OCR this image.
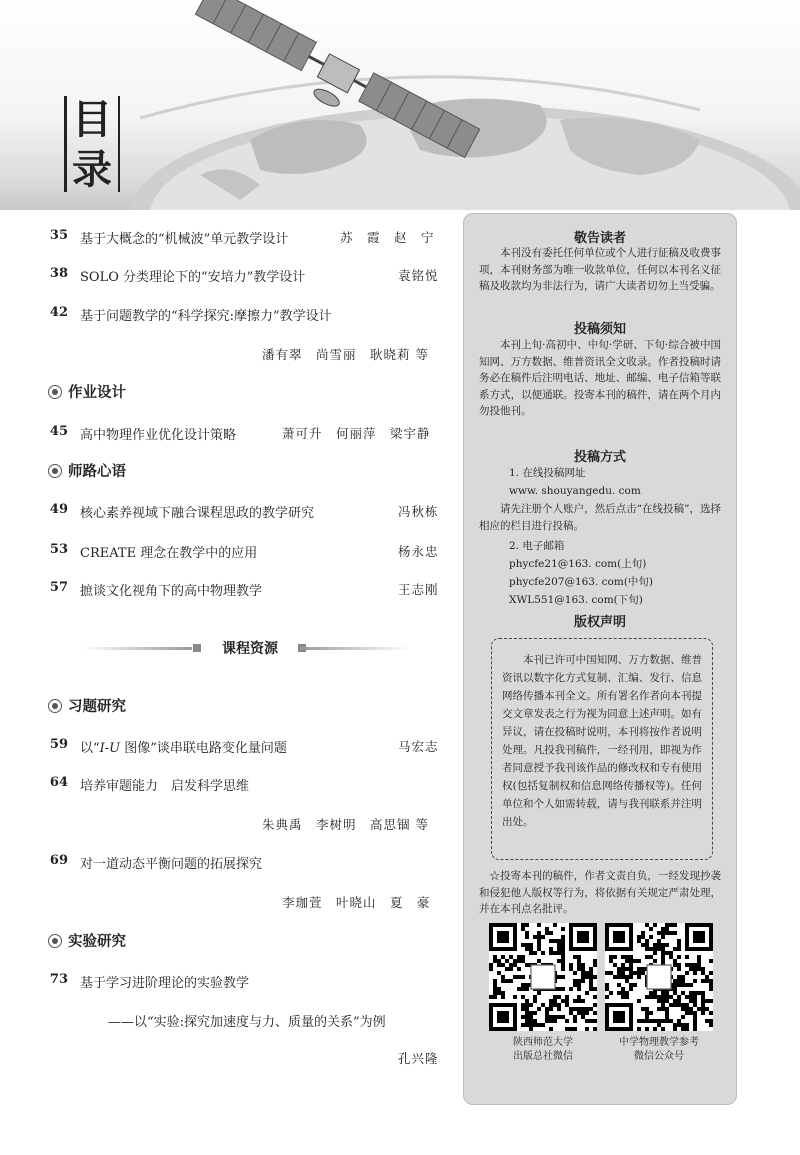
目
录
35 基于大概念的“机械波”单元教学设计	苏　霞　赵　宁
38 SOLO 分类理论下的“安培力”教学设计	袁铭悦
42 基于问题教学的“科学探究:摩擦力”教学设计
潘有翠　尚雪丽　耿晓莉 等
作业设计
45 高中物理作业优化设计策略	萧可升　何丽萍　梁宇静
师路心语
49 核心素养视域下融合课程思政的教学研究	冯秋栋
53 CREATE 理念在教学中的应用	杨永忠
57 摭谈文化视角下的高中物理教学	王志刚
课程资源
习题研究
59 以“I-U 图像”谈串联电路变化量问题	马宏志
64 培养审题能力　启发科学思维
朱典禹　李树明　高思锢 等
69 对一道动态平衡问题的拓展探究
李珈萱　叶晓山　夏　豪
实验研究
73 基于学习进阶理论的实验教学
——以“实验:探究加速度与力、质量的关系”为例
孔兴隆
敬告读者
本刊没有委托任何单位或个人进行征稿及收费事项，本刊财务部为唯一收款单位，任何以本刊名义征稿及收款均为非法行为，请广大读者切勿上当受骗。
投稿须知
本刊上旬·高初中、中旬·学研、下旬·综合被中国知网、万方数据、维普资讯全文收录。作者投稿时请务必在稿件后注明电话、地址、邮编、电子信箱等联系方式，以便通联。投寄本刊的稿件，请在两个月内勿投他刊。
投稿方式
1. 在线投稿网址
www. shouyangedu. com
请先注册个人账户，然后点击“在线投稿”，选择相应的栏目进行投稿。
2. 电子邮箱
phycfe21@163. com(上旬)
phycfe207@163. com(中旬)
XWL551@163. com(下旬)
版权声明
本刊已许可中国知网、万方数据、维普资讯以数字化方式复制、汇编、发行、信息网络传播本刊全文。所有署名作者向本刊提交文章发表之行为视为同意上述声明。如有异议，请在投稿时说明，本刊将按作者说明处理。凡投我刊稿件，一经刊用，即视为作者同意授予我刊该作品的修改权和专有使用权(包括复制权和信息网络传播权等)。任何单位和个人如需转载，请与我刊联系并注明出处。
☆投寄本刊的稿件，作者文责自负，一经发现抄袭和侵犯他人版权等行为，将依据有关规定严肃处理，并在本刊点名批评。
陕西师范大学
出版总社微信
中学物理教学参考
微信公众号
